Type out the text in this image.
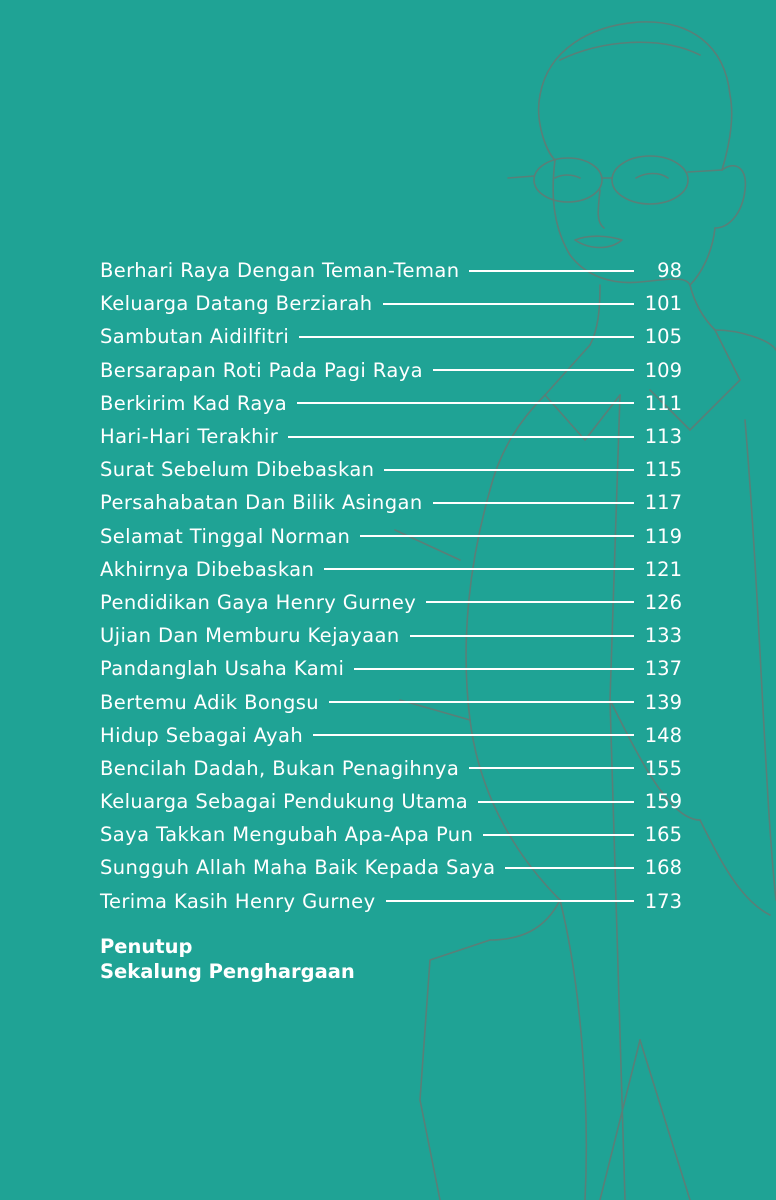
Berhari Raya Dengan Teman-Teman	98
Keluarga Datang Berziarah	101
Sambutan Aidilfitri	105
Bersarapan Roti Pada Pagi Raya	109
Berkirim Kad Raya	111
Hari-Hari Terakhir	113
Surat Sebelum Dibebaskan	115
Persahabatan Dan Bilik Asingan	117
Selamat Tinggal Norman	119
Akhirnya Dibebaskan	121
Pendidikan Gaya Henry Gurney	126
Ujian Dan Memburu Kejayaan	133
Pandanglah Usaha Kami	137
Bertemu Adik Bongsu	139
Hidup Sebagai Ayah	148
Bencilah Dadah, Bukan Penagihnya	155
Keluarga Sebagai Pendukung Utama	159
Saya Takkan Mengubah Apa-Apa Pun	165
Sungguh Allah Maha Baik Kepada Saya	168
Terima Kasih Henry Gurney	173
Penutup
Sekalung Penghargaan
